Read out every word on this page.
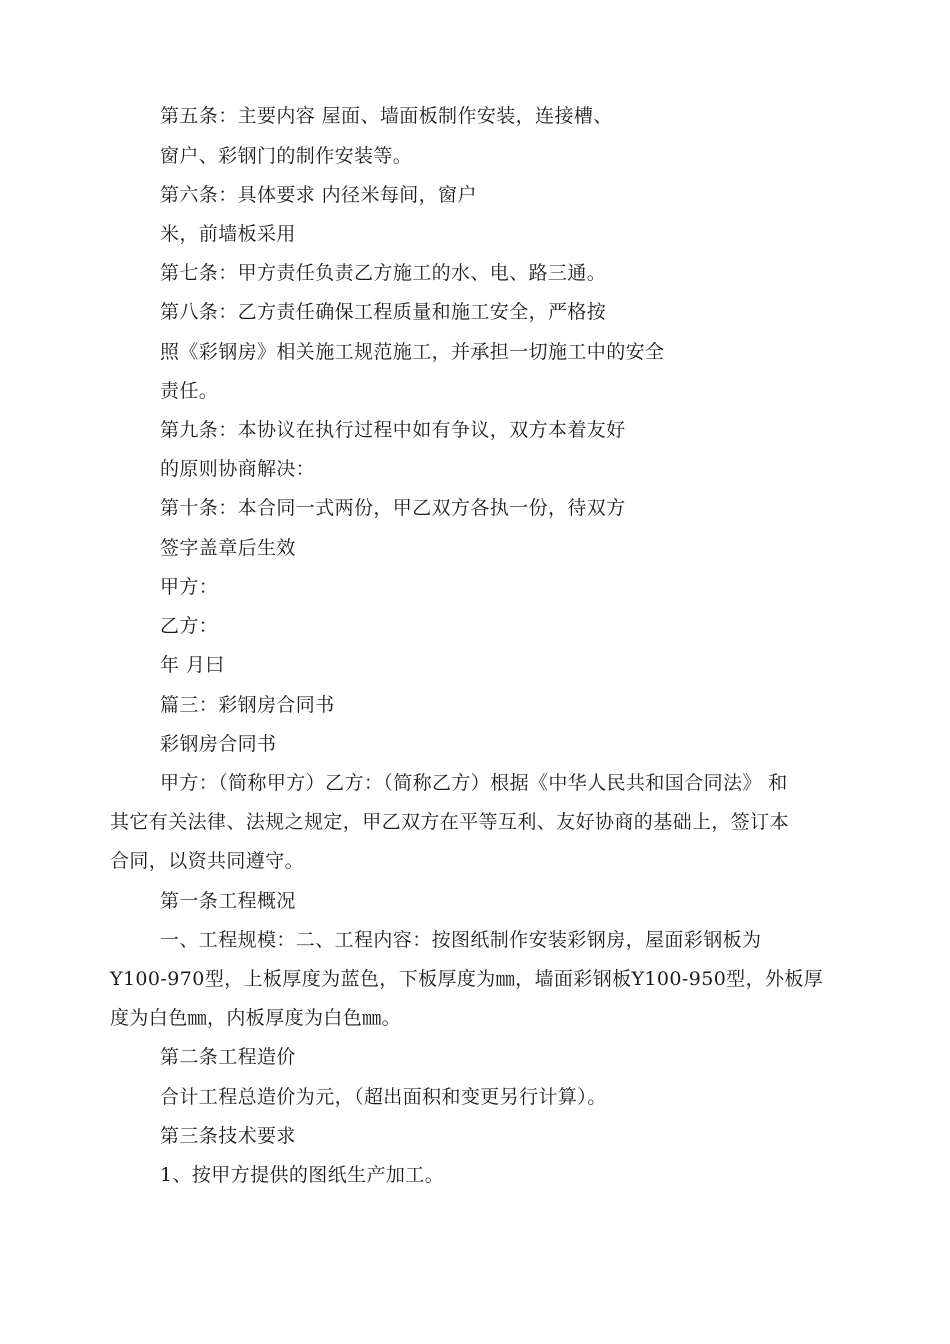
第五条：主要内容 屋面、墙面板制作安装，连接槽、
窗户、彩钢门的制作安装等。
第六条：具体要求 内径米每间，窗户
米，前墙板采用
第七条：甲方责任负责乙方施工的水、电、路三通。
第八条：乙方责任确保工程质量和施工安全，严格按
照《彩钢房》相关施工规范施工，并承担一切施工中的安全
责任。
第九条：本协议在执行过程中如有争议，双方本着友好
的原则协商解决：
第十条：本合同一式两份，甲乙双方各执一份，待双方
签字盖章后生效
甲方：
乙方：
年 月曰
篇三：彩钢房合同书
彩钢房合同书
甲方：（简称甲方）乙方：（简称乙方）根据《中华人民共和国合同法》 和
其它有关法律、法规之规定，甲乙双方在平等互利、友好协商的基础上，签订本
合同，以资共同遵守。
第一条工程概况
一、工程规模：二、工程内容：按图纸制作安装彩钢房，屋面彩钢板为
Y100-970型，上板厚度为蓝色，下板厚度为㎜，墙面彩钢板Y100-950型，外板厚
度为白色㎜，内板厚度为白色㎜。
第二条工程造价
合计工程总造价为元，（超出面积和变更另行计算）。
第三条技术要求
1、按甲方提供的图纸生产加工。
